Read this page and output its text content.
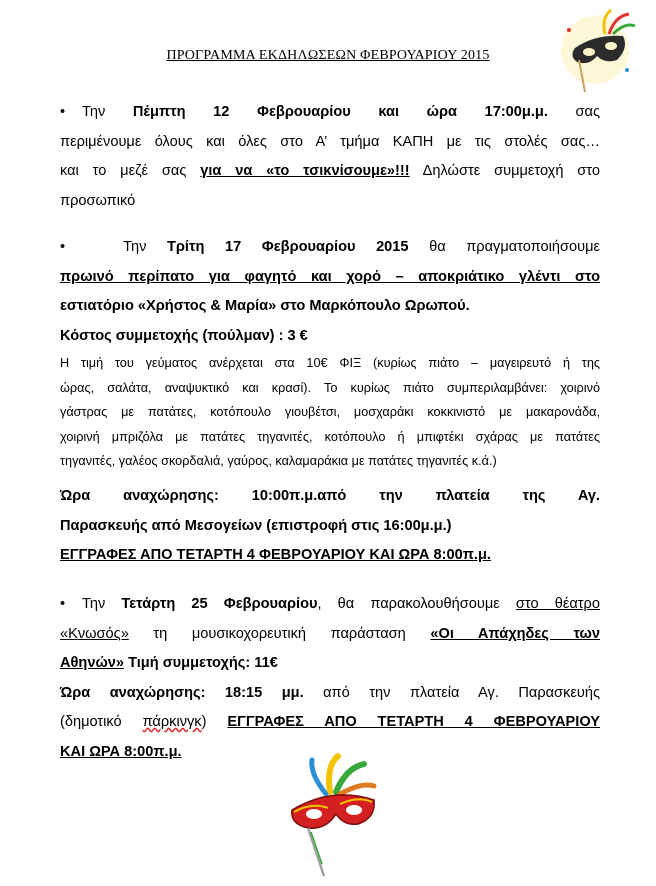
ΠΡΟΓΡΑΜΜΑ ΕΚΔΗΛΩΣΕΩΝ ΦΕΒΡΟΥΑΡΙΟΥ 2015
• Την Πέμπτη 12 Φεβρουαρίου και ώρα 17:00μ.μ. σας
περιμένουμε όλους και όλες στο Α’ τμήμα ΚΑΠΗ με τις στολές σας…
και το μεζέ σας για να «το τσικνίσουμε»!!! Δηλώστε συμμετοχή στο
προσωπικό
•	Την Τρίτη 17 Φεβρουαρίου 2015 θα πραγματοποιήσουμε
πρωινό περίπατο για φαγητό και χορό – αποκριάτικο γλέντι στο
εστιατόριο «Χρήστος & Μαρία» στο Μαρκόπουλο Ωρωπού.
Κόστος συμμετοχής (πούλμαν) : 3 €
Η τιμή του γεύματος ανέρχεται στα 10€ ΦΙΞ (κυρίως πιάτο – μαγειρευτό ή της
ώρας, σαλάτα, αναψυκτικό και κρασί). Το κυρίως πιάτο συμπεριλαμβάνει: χοιρινό
γάστρας με πατάτες, κοτόπουλο γιουβέτσι, μοσχαράκι κοκκινιστό με μακαρονάδα,
χοιρινή μπριζόλα με πατάτες τηγανιτές, κοτόπουλο ή μπιφτέκι σχάρας με πατάτες
τηγανιτές, γαλέος σκορδαλιά, γαύρος, καλαμαράκια με πατάτες τηγανιτές κ.ά.)
Ώρα αναχώρησης: 10:00π.μ.από την πλατεία της Αγ.
Παρασκευής από Μεσογείων (επιστροφή στις 16:00μ.μ.)
ΕΓΓΡΑΦΕΣ ΑΠΟ ΤΕΤΑΡΤΗ 4 ΦΕΒΡΟΥΑΡΙΟΥ ΚΑΙ ΩΡΑ 8:00π.μ.
• Την Τετάρτη 25 Φεβρουαρίου, θα παρακολουθήσουμε στο θέατρο
«Κνωσός» τη μουσικοχορευτική παράσταση «Οι Απάχηδες των
Αθηνών» Τιμή συμμετοχής: 11€
Ώρα αναχώρησης: 18:15 μμ. από την πλατεία Αγ. Παρασκευής
(δημοτικό πάρκινγκ) ΕΓΓΡΑΦΕΣ ΑΠΟ ΤΕΤΑΡΤΗ 4 ΦΕΒΡΟΥΑΡΙΟΥ
ΚΑΙ ΩΡΑ 8:00π.μ.
